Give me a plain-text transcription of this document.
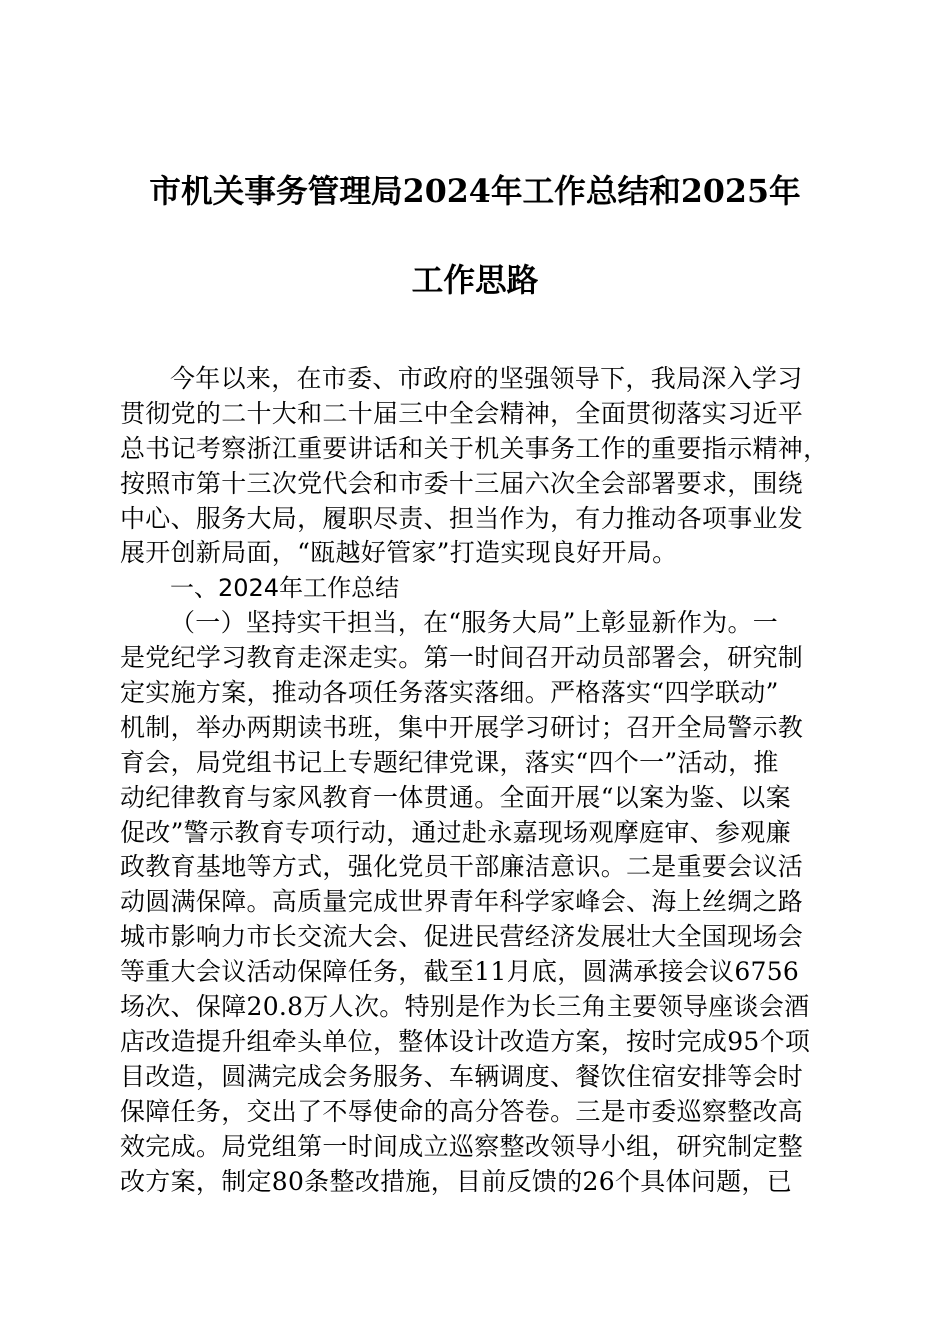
市机关事务管理局2024年工作总结和2025年
工作思路
今年以来，在市委、市政府的坚强领导下，我局深入学习
贯彻党的二十大和二十届三中全会精神，全面贯彻落实习近平
总书记考察浙江重要讲话和关于机关事务工作的重要指示精神，
按照市第十三次党代会和市委十三届六次全会部署要求，围绕
中心、服务大局，履职尽责、担当作为，有力推动各项事业发
展开创新局面，“瓯越好管家”打造实现良好开局。
一、2024年工作总结
（一）坚持实干担当，在“服务大局”上彰显新作为。一
是党纪学习教育走深走实。第一时间召开动员部署会，研究制
定实施方案，推动各项任务落实落细。严格落实“四学联动”
机制，举办两期读书班，集中开展学习研讨；召开全局警示教
育会，局党组书记上专题纪律党课，落实“四个一”活动，推
动纪律教育与家风教育一体贯通。全面开展“以案为鉴、以案
促改”警示教育专项行动，通过赴永嘉现场观摩庭审、参观廉
政教育基地等方式，强化党员干部廉洁意识。二是重要会议活
动圆满保障。高质量完成世界青年科学家峰会、海上丝绸之路
城市影响力市长交流大会、促进民营经济发展壮大全国现场会
等重大会议活动保障任务，截至11月底，圆满承接会议6756
场次、保障20.8万人次。特别是作为长三角主要领导座谈会酒
店改造提升组牵头单位，整体设计改造方案，按时完成95个项
目改造，圆满完成会务服务、车辆调度、餐饮住宿安排等会时
保障任务，交出了不辱使命的高分答卷。三是市委巡察整改高
效完成。局党组第一时间成立巡察整改领导小组，研究制定整
改方案，制定80条整改措施，目前反馈的26个具体问题，已
